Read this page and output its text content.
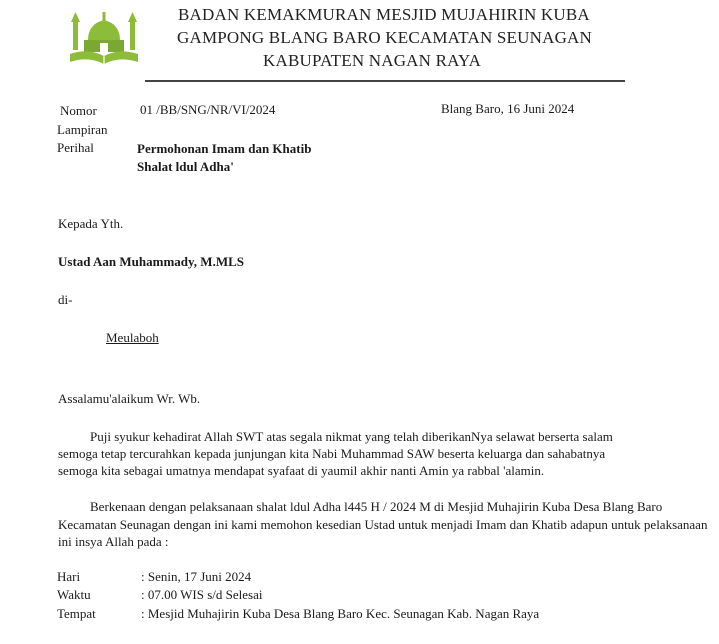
BADAN KEMAKMURAN MESJID MUJAHIRIN KUBA
GAMPONG BLANG BARO KECAMATAN SEUNAGAN
KABUPATEN NAGAN RAYA
Nomor	01 /BB/SNG/NR/VI/2024	Blang Baro, 16 Juni 2024
Lampiran
Perihal	Permohonan Imam dan Khatib
Shalat ldul Adha'
Kepada Yth.
Ustad Aan Muhammady, M.MLS
di-
Meulaboh
Assalamu'alaikum Wr. Wb.
Puji syukur kehadirat Allah SWT atas segala nikmat yang telah diberikanNya selawat berserta salam
semoga tetap tercurahkan kepada junjungan kita Nabi Muhammad SAW beserta keluarga dan sahabatnya
semoga kita sebagai umatnya mendapat syafaat di yaumil akhir nanti Amin ya rabbal 'alamin.
Berkenaan dengan pelaksanaan shalat ldul Adha l445 H / 2024 M di Mesjid Muhajirin Kuba Desa Blang Baro
Kecamatan Seunagan dengan ini kami memohon kesedian Ustad untuk menjadi Imam dan Khatib adapun untuk pelaksanaan
ini insya Allah pada :
Hari	: Senin, 17 Juni 2024
Waktu	: 07.00 WIS s/d Selesai
Tempat	: Mesjid Muhajirin Kuba Desa Blang Baro Kec. Seunagan Kab. Nagan Raya
